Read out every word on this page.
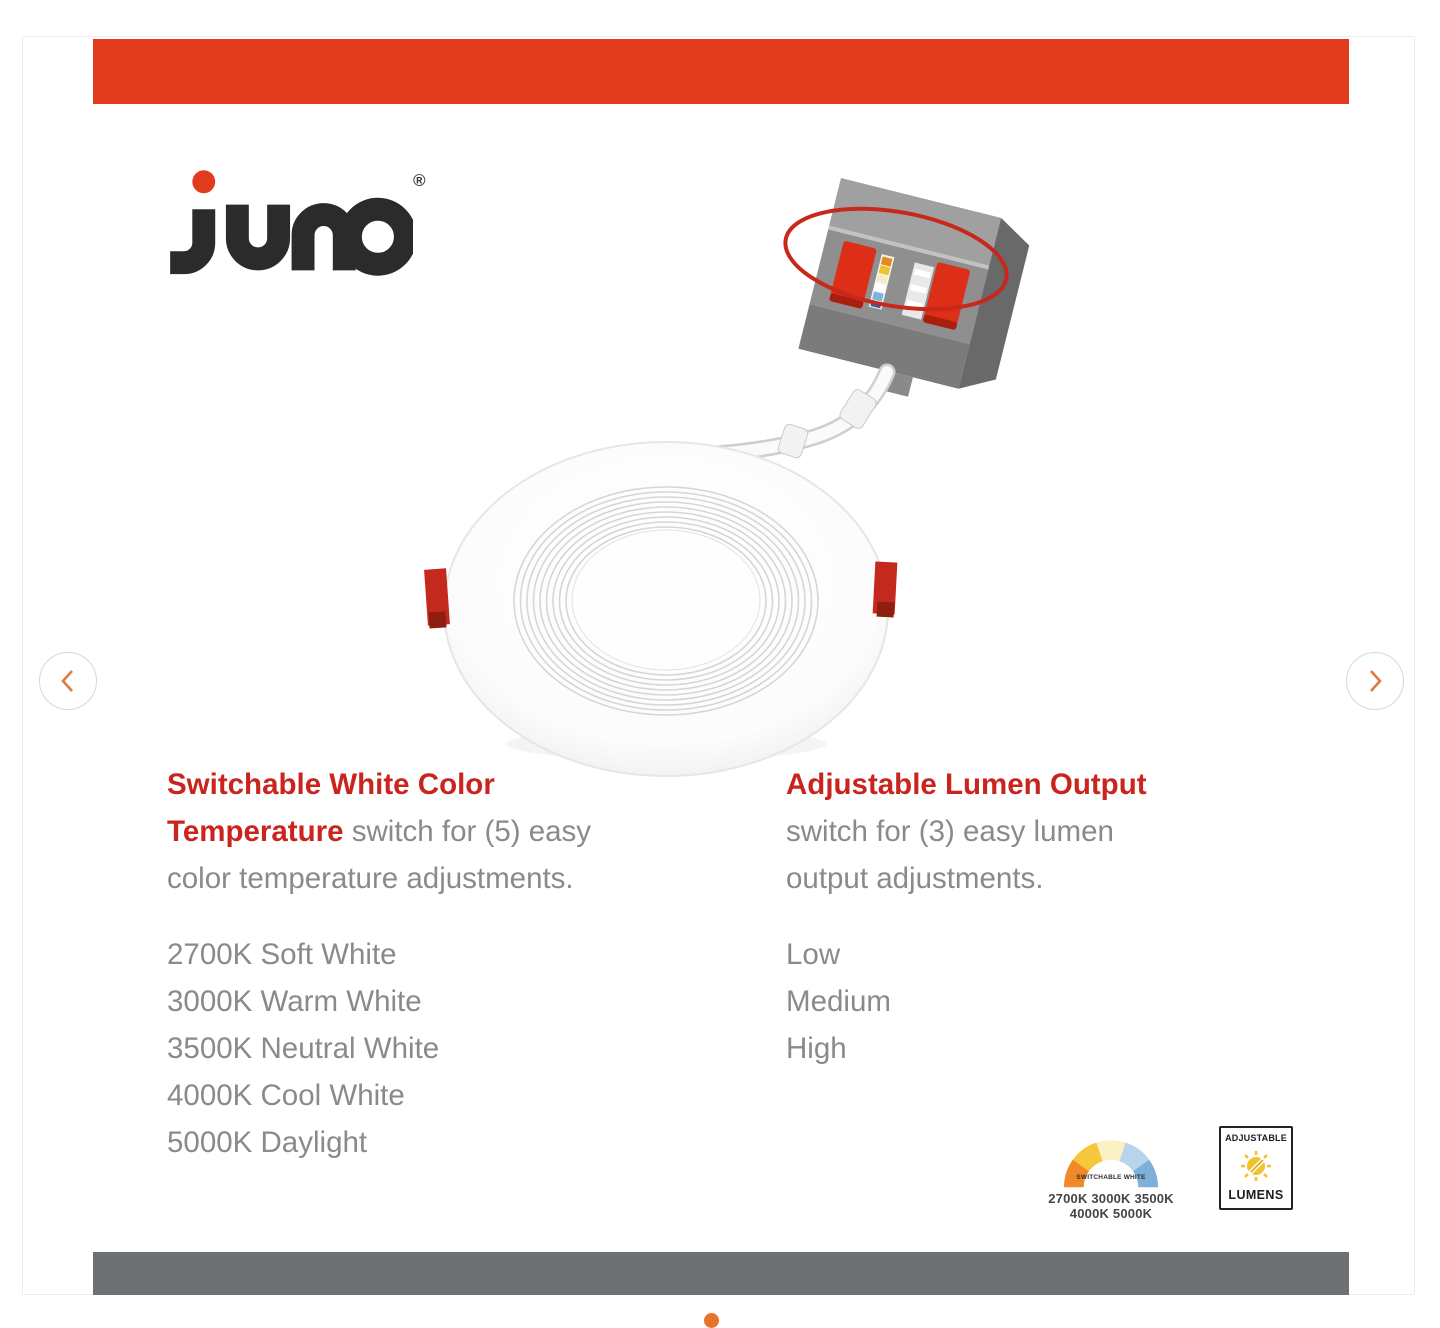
®
Switchable White Color
Temperature switch for (5) easy
color temperature adjustments.
2700K Soft White
3000K Warm White
3500K Neutral White
4000K Cool White
5000K Daylight
Adjustable Lumen Output
switch for (3) easy lumen
output adjustments.
Low
Medium
High
SWITCHABLE WHITE
2700K 3000K 3500K
4000K 5000K
ADJUSTABLE
LUMENS
